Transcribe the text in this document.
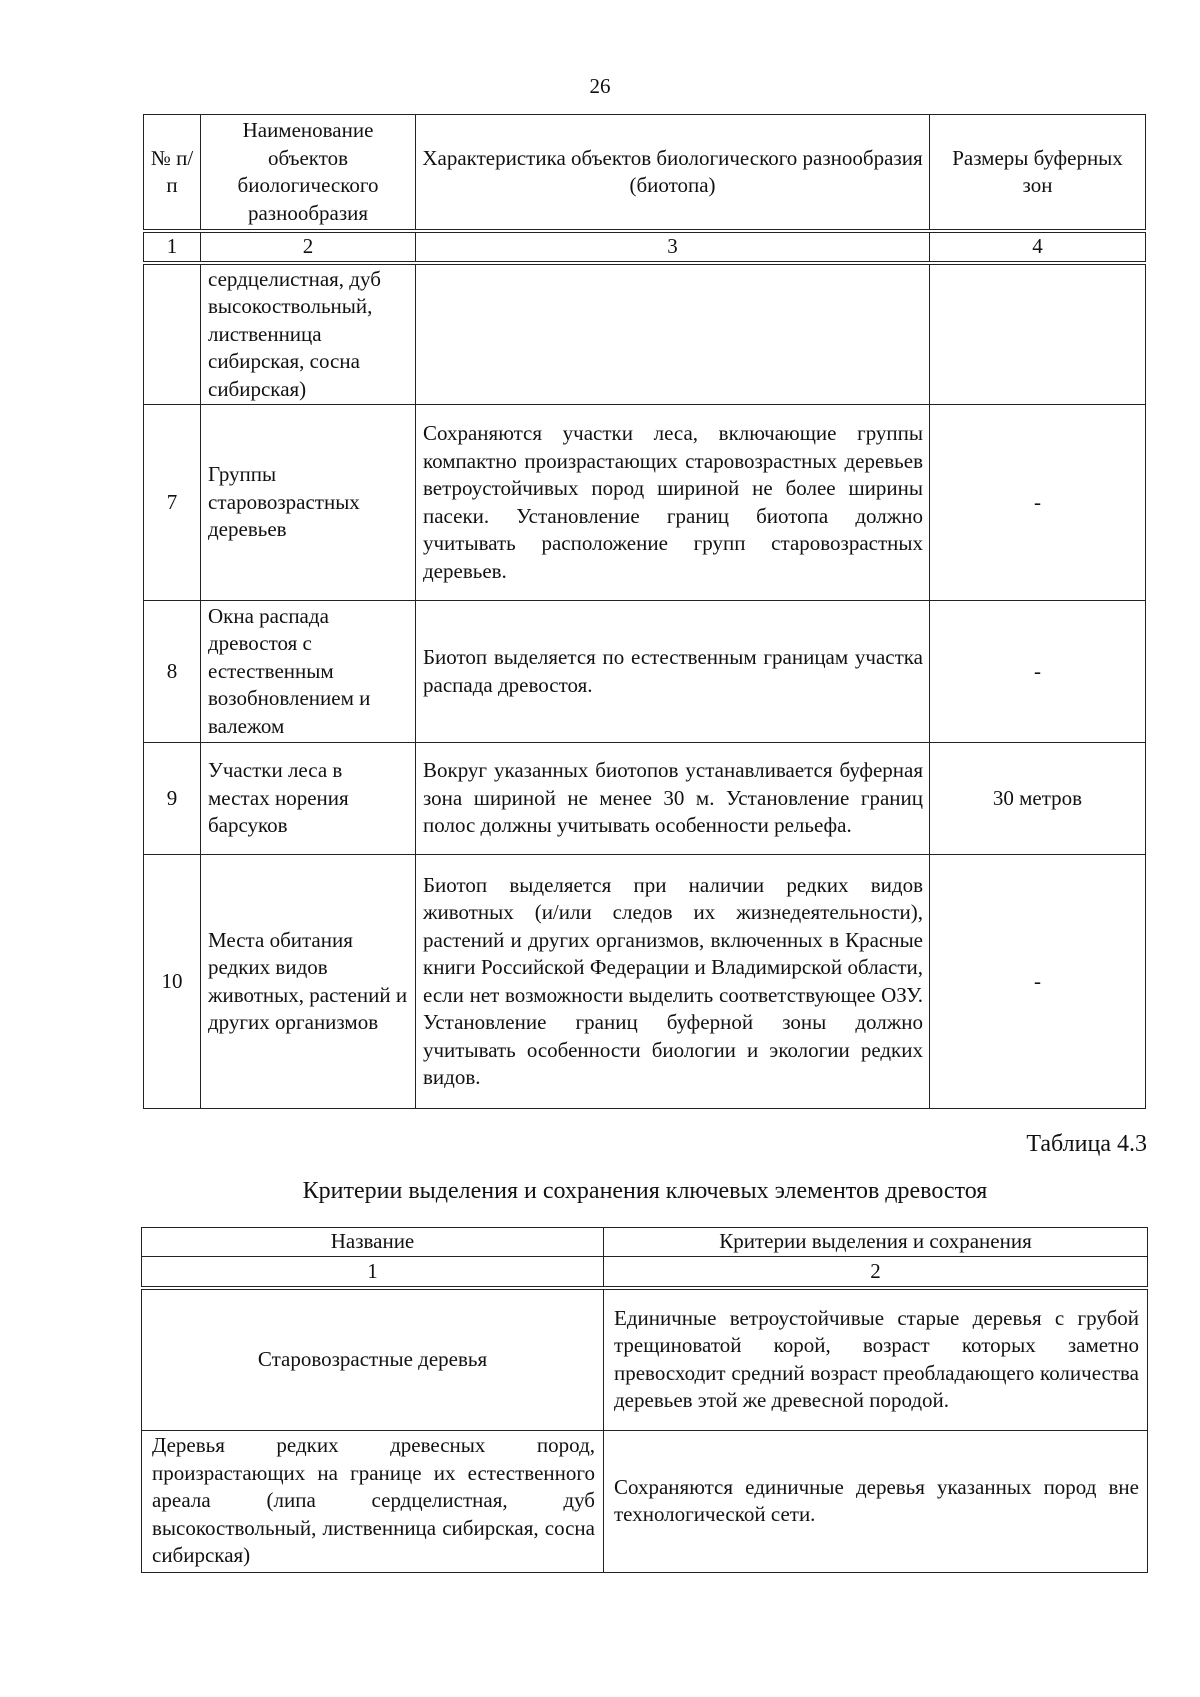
26
№ п/п	Наименование объектов биологического разнообразия	Характеристика объектов биологического разнообразия (биотопа)	Размеры буферных зон
1	2	3	4
	сердцелистная, дуб высокоствольный, лиственница сибирская, сосна сибирская)		
7	Группы старовозрастных деревьев	Сохраняются участки леса, включающие группы компактно произрастающих старовозрастных деревьев ветроустойчивых пород шириной не более ширины пасеки. Установление границ биотопа должно учитывать расположение групп старовозрастных деревьев.	-
8	Окна распада древостоя с естественным возобновлением и валежом	Биотоп выделяется по естественным границам участка распада древостоя.	-
9	Участки леса в местах норения барсуков	Вокруг указанных биотопов устанавливается буферная зона шириной не менее 30 м. Установление границ полос должны учитывать особенности рельефа.	30 метров
10	Места обитания редких видов животных, растений и других организмов	Биотоп выделяется при наличии редких видов животных (и/или следов их жизнедеятельности), растений и других организмов, включенных в Красные книги Российской Федерации и Владимирской области, если нет возможности выделить соответствующее ОЗУ. Установление границ буферной зоны должно учитывать особенности биологии и экологии редких видов.	-
Таблица 4.3
Критерии выделения и сохранения ключевых элементов древостоя
Название	Критерии выделения и сохранения
1	2
Старовозрастные деревья	Единичные ветроустойчивые старые деревья с грубой трещиноватой корой, возраст которых заметно превосходит средний возраст преобладающего количества деревьев этой же древесной породой.
Деревья редких древесных пород, произрастающих на границе их естественного ареала (липа сердцелистная, дуб высокоствольный, лиственница сибирская, сосна сибирская)	Сохраняются единичные деревья указанных пород вне технологической сети.
